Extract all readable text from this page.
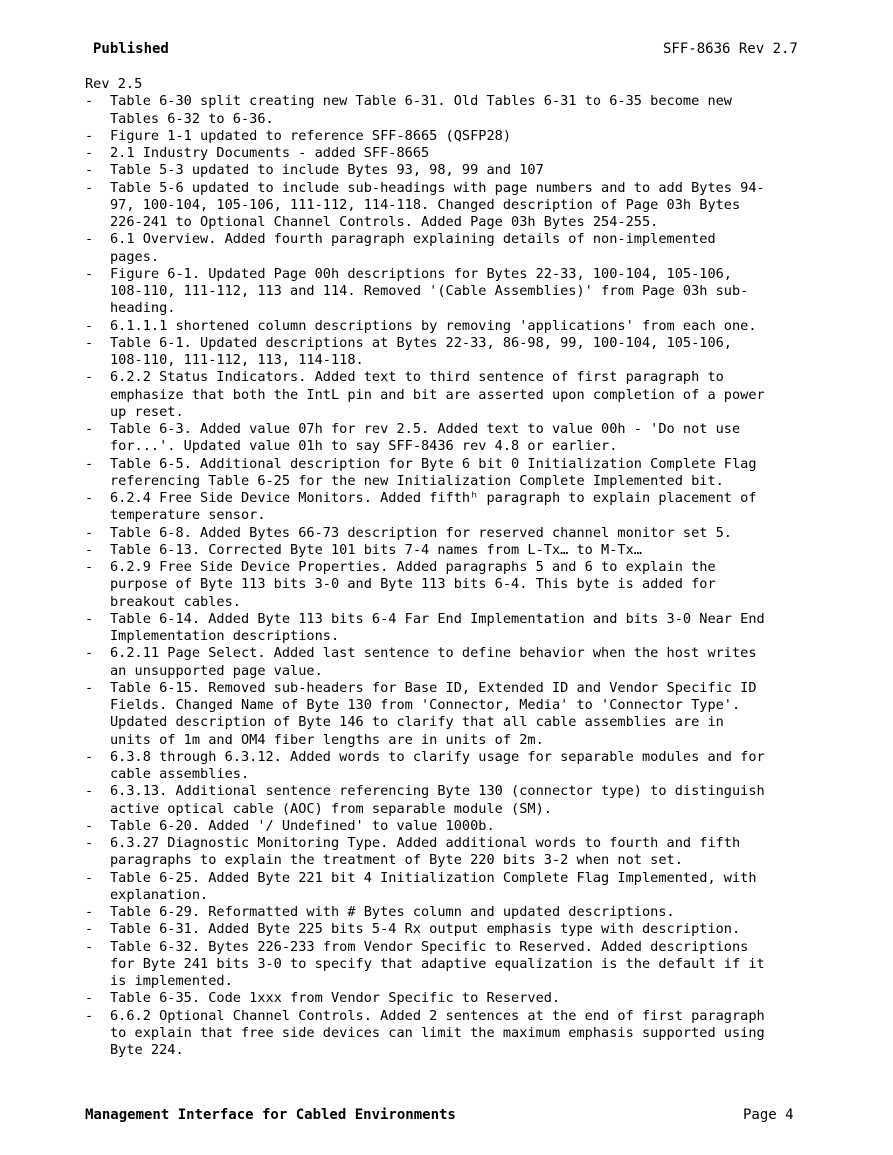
Published	SFF-8636 Rev 2.7
Rev 2.5
-	Table 6-30 split creating new Table 6-31. Old Tables 6-31 to 6-35 become new
Tables 6-32 to 6-36.
-	Figure 1-1 updated to reference SFF-8665 (QSFP28)
-	2.1 Industry Documents - added SFF-8665
-	Table 5-3 updated to include Bytes 93, 98, 99 and 107
-	Table 5-6 updated to include sub-headings with page numbers and to add Bytes 94-
97, 100-104, 105-106, 111-112, 114-118. Changed description of Page 03h Bytes
226-241 to Optional Channel Controls. Added Page 03h Bytes 254-255.
-	6.1 Overview. Added fourth paragraph explaining details of non-implemented
pages.
-	Figure 6-1. Updated Page 00h descriptions for Bytes 22-33, 100-104, 105-106,
108-110, 111-112, 113 and 114. Removed '(Cable Assemblies)' from Page 03h sub-
heading.
-	6.1.1.1 shortened column descriptions by removing 'applications' from each one.
-	Table 6-1. Updated descriptions at Bytes 22-33, 86-98, 99, 100-104, 105-106,
108-110, 111-112, 113, 114-118.
-	6.2.2 Status Indicators. Added text to third sentence of first paragraph to
emphasize that both the IntL pin and bit are asserted upon completion of a power
up reset.
-	Table 6-3. Added value 07h for rev 2.5. Added text to value 00h - 'Do not use
for...'. Updated value 01h to say SFF-8436 rev 4.8 or earlier.
-	Table 6-5. Additional description for Byte 6 bit 0 Initialization Complete Flag
referencing Table 6-25 for the new Initialization Complete Implemented bit.
-	6.2.4 Free Side Device Monitors. Added fifthʰ paragraph to explain placement of
temperature sensor.
-	Table 6-8. Added Bytes 66-73 description for reserved channel monitor set 5.
-	Table 6-13. Corrected Byte 101 bits 7-4 names from L-Tx… to M-Tx…
-	6.2.9 Free Side Device Properties. Added paragraphs 5 and 6 to explain the
purpose of Byte 113 bits 3-0 and Byte 113 bits 6-4. This byte is added for
breakout cables.
-	Table 6-14. Added Byte 113 bits 6-4 Far End Implementation and bits 3-0 Near End
Implementation descriptions.
-	6.2.11 Page Select. Added last sentence to define behavior when the host writes
an unsupported page value.
-	Table 6-15. Removed sub-headers for Base ID, Extended ID and Vendor Specific ID
Fields. Changed Name of Byte 130 from 'Connector, Media' to 'Connector Type'.
Updated description of Byte 146 to clarify that all cable assemblies are in
units of 1m and OM4 fiber lengths are in units of 2m.
-	6.3.8 through 6.3.12. Added words to clarify usage for separable modules and for
cable assemblies.
-	6.3.13. Additional sentence referencing Byte 130 (connector type) to distinguish
active optical cable (AOC) from separable module (SM).
-	Table 6-20. Added '/ Undefined' to value 1000b.
-	6.3.27 Diagnostic Monitoring Type. Added additional words to fourth and fifth
paragraphs to explain the treatment of Byte 220 bits 3-2 when not set.
-	Table 6-25. Added Byte 221 bit 4 Initialization Complete Flag Implemented, with
explanation.
-	Table 6-29. Reformatted with # Bytes column and updated descriptions.
-	Table 6-31. Added Byte 225 bits 5-4 Rx output emphasis type with description.
-	Table 6-32. Bytes 226-233 from Vendor Specific to Reserved. Added descriptions
for Byte 241 bits 3-0 to specify that adaptive equalization is the default if it
is implemented.
-	Table 6-35. Code 1xxx from Vendor Specific to Reserved.
-	6.6.2 Optional Channel Controls. Added 2 sentences at the end of first paragraph
to explain that free side devices can limit the maximum emphasis supported using
Byte 224.
Management Interface for Cabled Environments	Page 4
